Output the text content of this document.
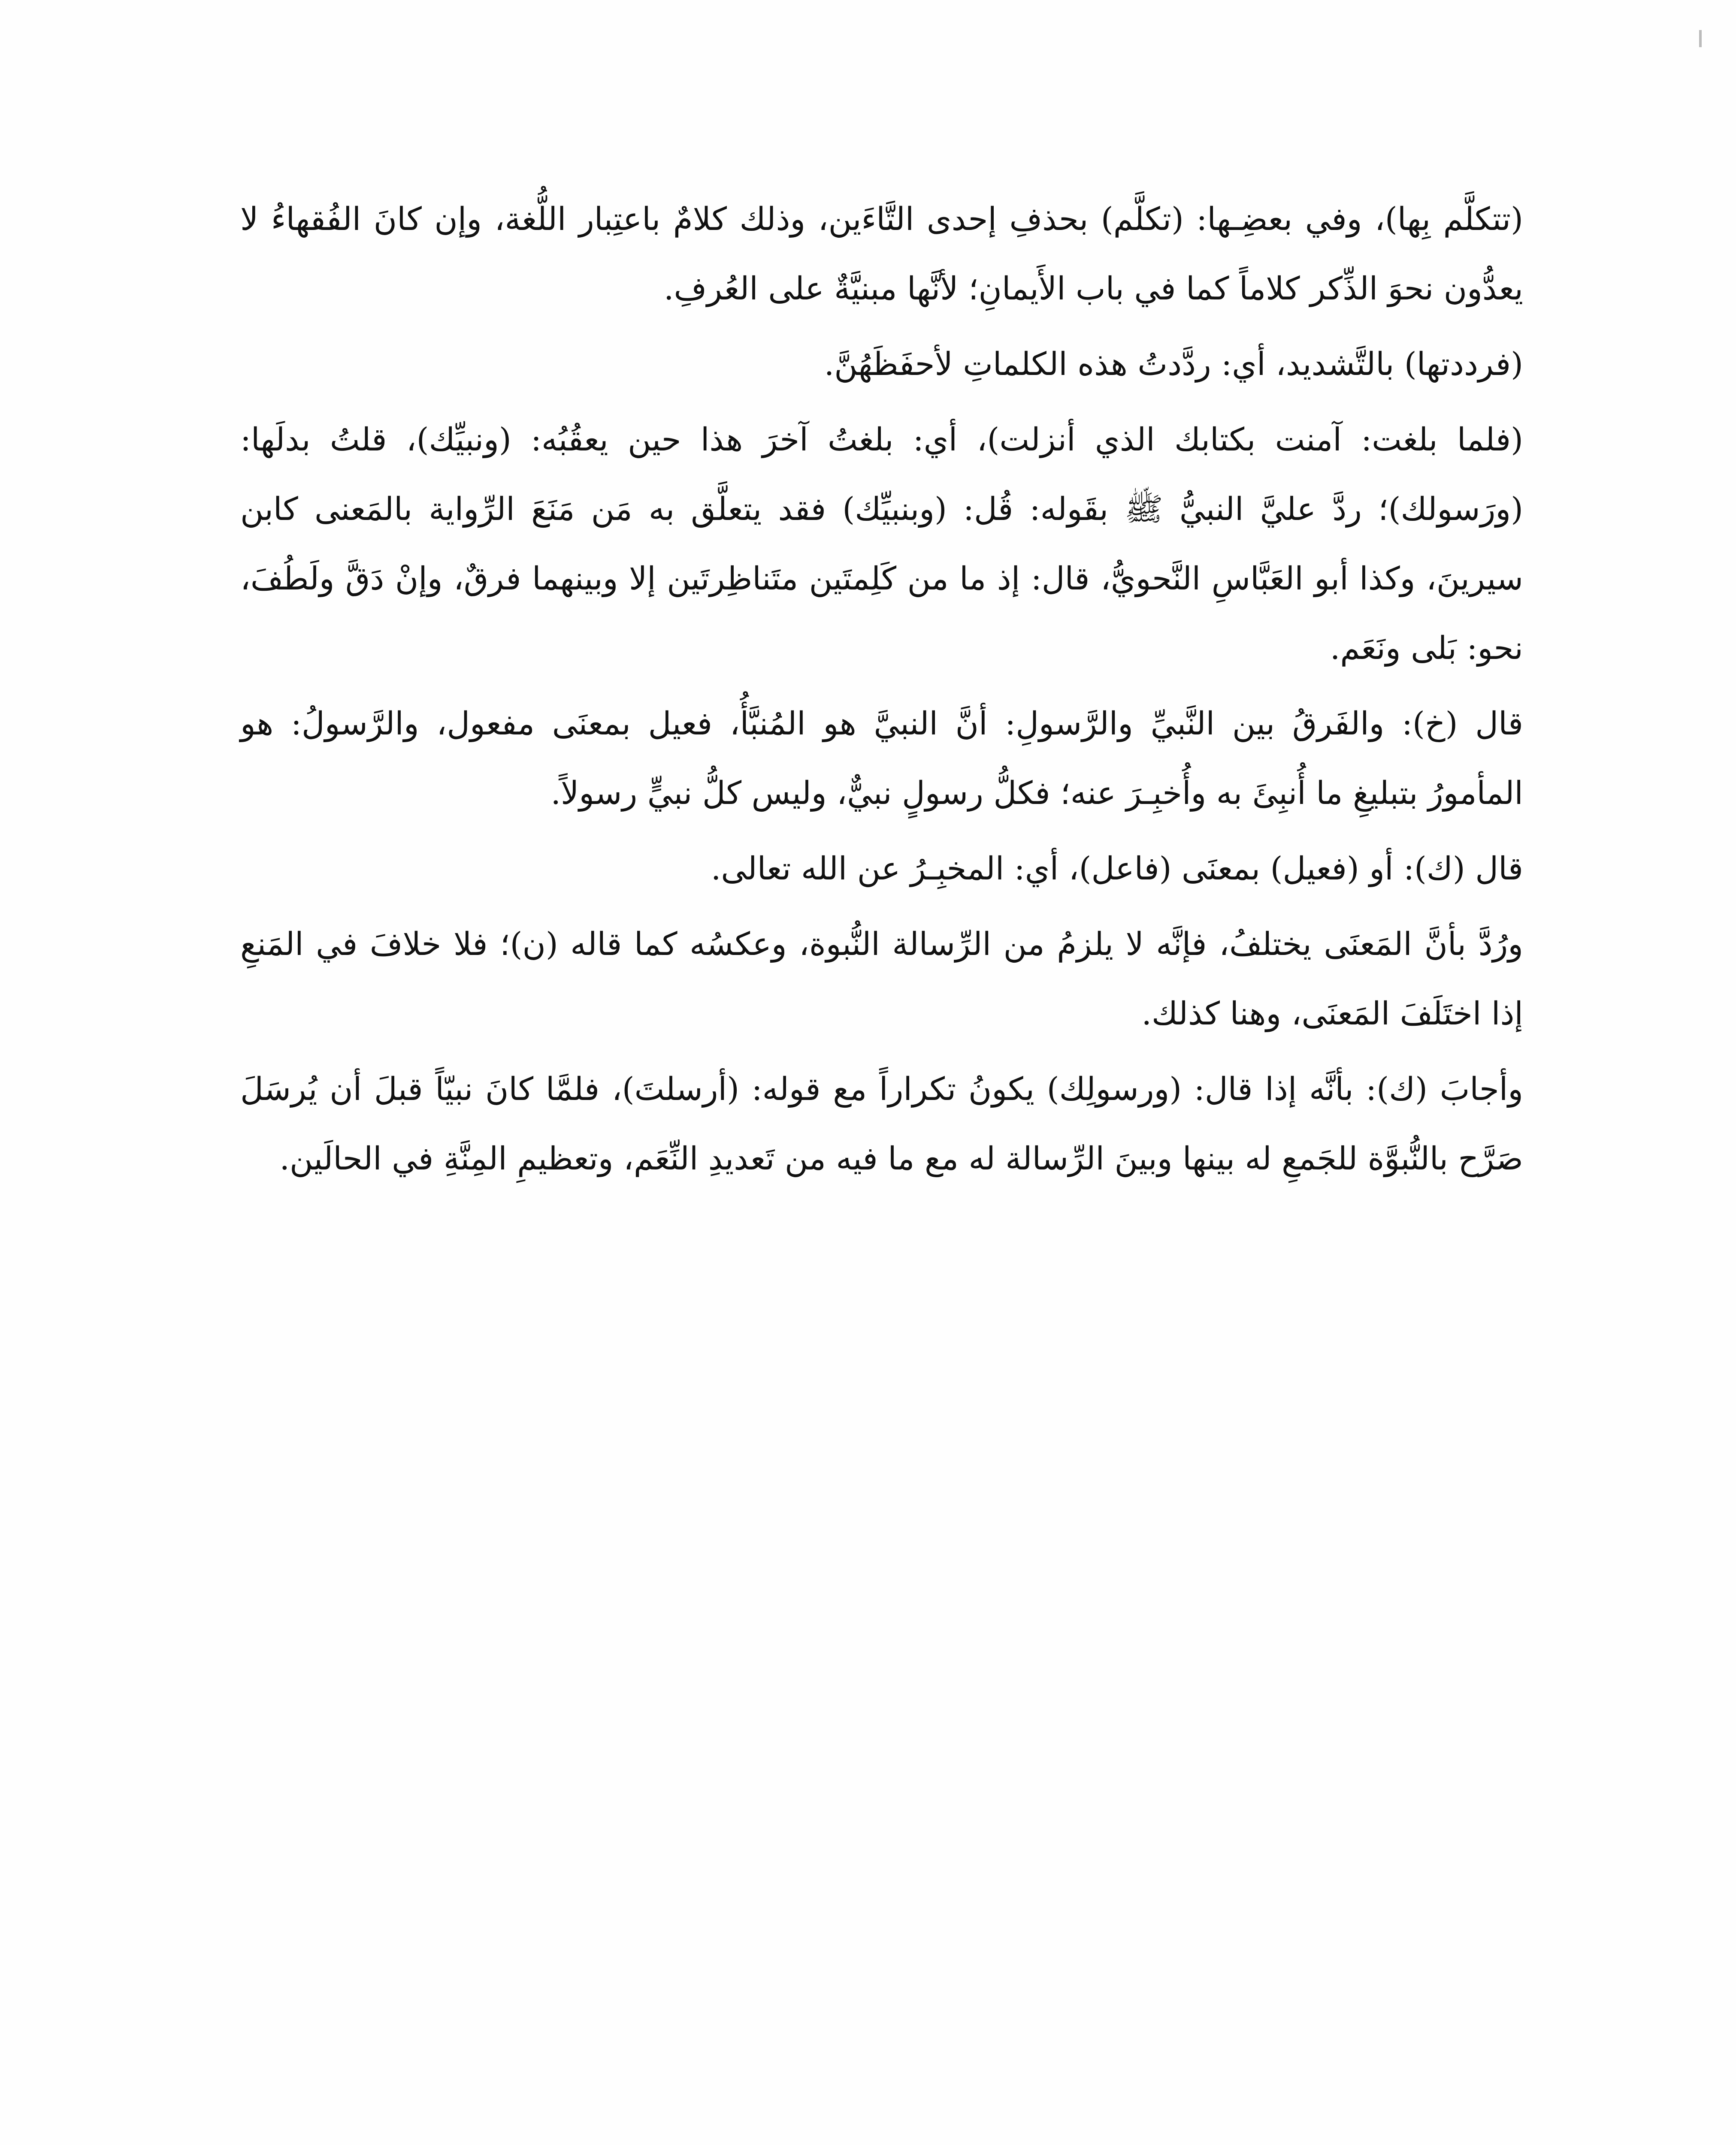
(تتكلَّم بِها)، وفي بعضِـها: (تكلَّم) بحذفِ إحدى التَّاءَين، وذلك كلامٌ باعتِبار اللُّغة، وإن كانَ الفُقهاءُ لا يعدُّون نحوَ الذِّكر كلاماً كما في باب الأَيمانِ؛ لأنَّها مبنيَّةٌ على العُرفِ.

(فرددتها) بالتَّشديد، أي: ردَّدتُ هذه الكلماتِ لأحفَظَهُنَّ.

(فلما بلغت: آمنت بكتابك الذي أنزلت)، أي: بلغتُ آخرَ هذا حين يعقُبُه: (ونبيِّك)، قلتُ بدلَها: (ورَسولك)؛ ردَّ عليَّ النبيُّ ﷺ بقَوله: قُل: (وبنبيِّك) فقد يتعلَّق به مَن مَنَعَ الرِّواية بالمَعنى كابن سيرينَ، وكذا أبو العَبَّاسِ النَّحويُّ، قال: إذ ما من كَلِمتَين متَناظِرتَين إلا وبينهما فرقٌ، وإنْ دَقَّ ولَطُفَ، نحو: بَلى ونَعَم.

قال (خ): والفَرقُ بين النَّبيِّ والرَّسولِ: أنَّ النبيَّ هو المُنبَّأُ، فعيل بمعنَى مفعول، والرَّسولُ: هو المأمورُ بتبليغِ ما أُنبِئَ به وأُخبِـرَ عنه؛ فكلُّ رسولٍ نبيٌّ، وليس كلُّ نبيٍّ رسولاً.

قال (ك): أو (فعيل) بمعنَى (فاعل)، أي: المخبِـرُ عن الله تعالى.

ورُدَّ بأنَّ المَعنَى يختلفُ، فإنَّه لا يلزمُ من الرِّسالة النُّبوة، وعكسُه كما قاله (ن)؛ فلا خلافَ في المَنعِ إذا اختَلَفَ المَعنَى، وهنا كذلك.

وأجابَ (ك): بأنَّه إذا قال: (ورسولِك) يكونُ تكراراً مع قوله: (أرسلتَ)، فلمَّا كانَ نبيّاً قبلَ أن يُرسَلَ صَرَّح بالنُّبوَّة للجَمعِ له بينها وبينَ الرِّسالة له مع ما فيه من تَعديدِ النِّعَم، وتعظيمِ المِنَّةِ في الحالَين.
